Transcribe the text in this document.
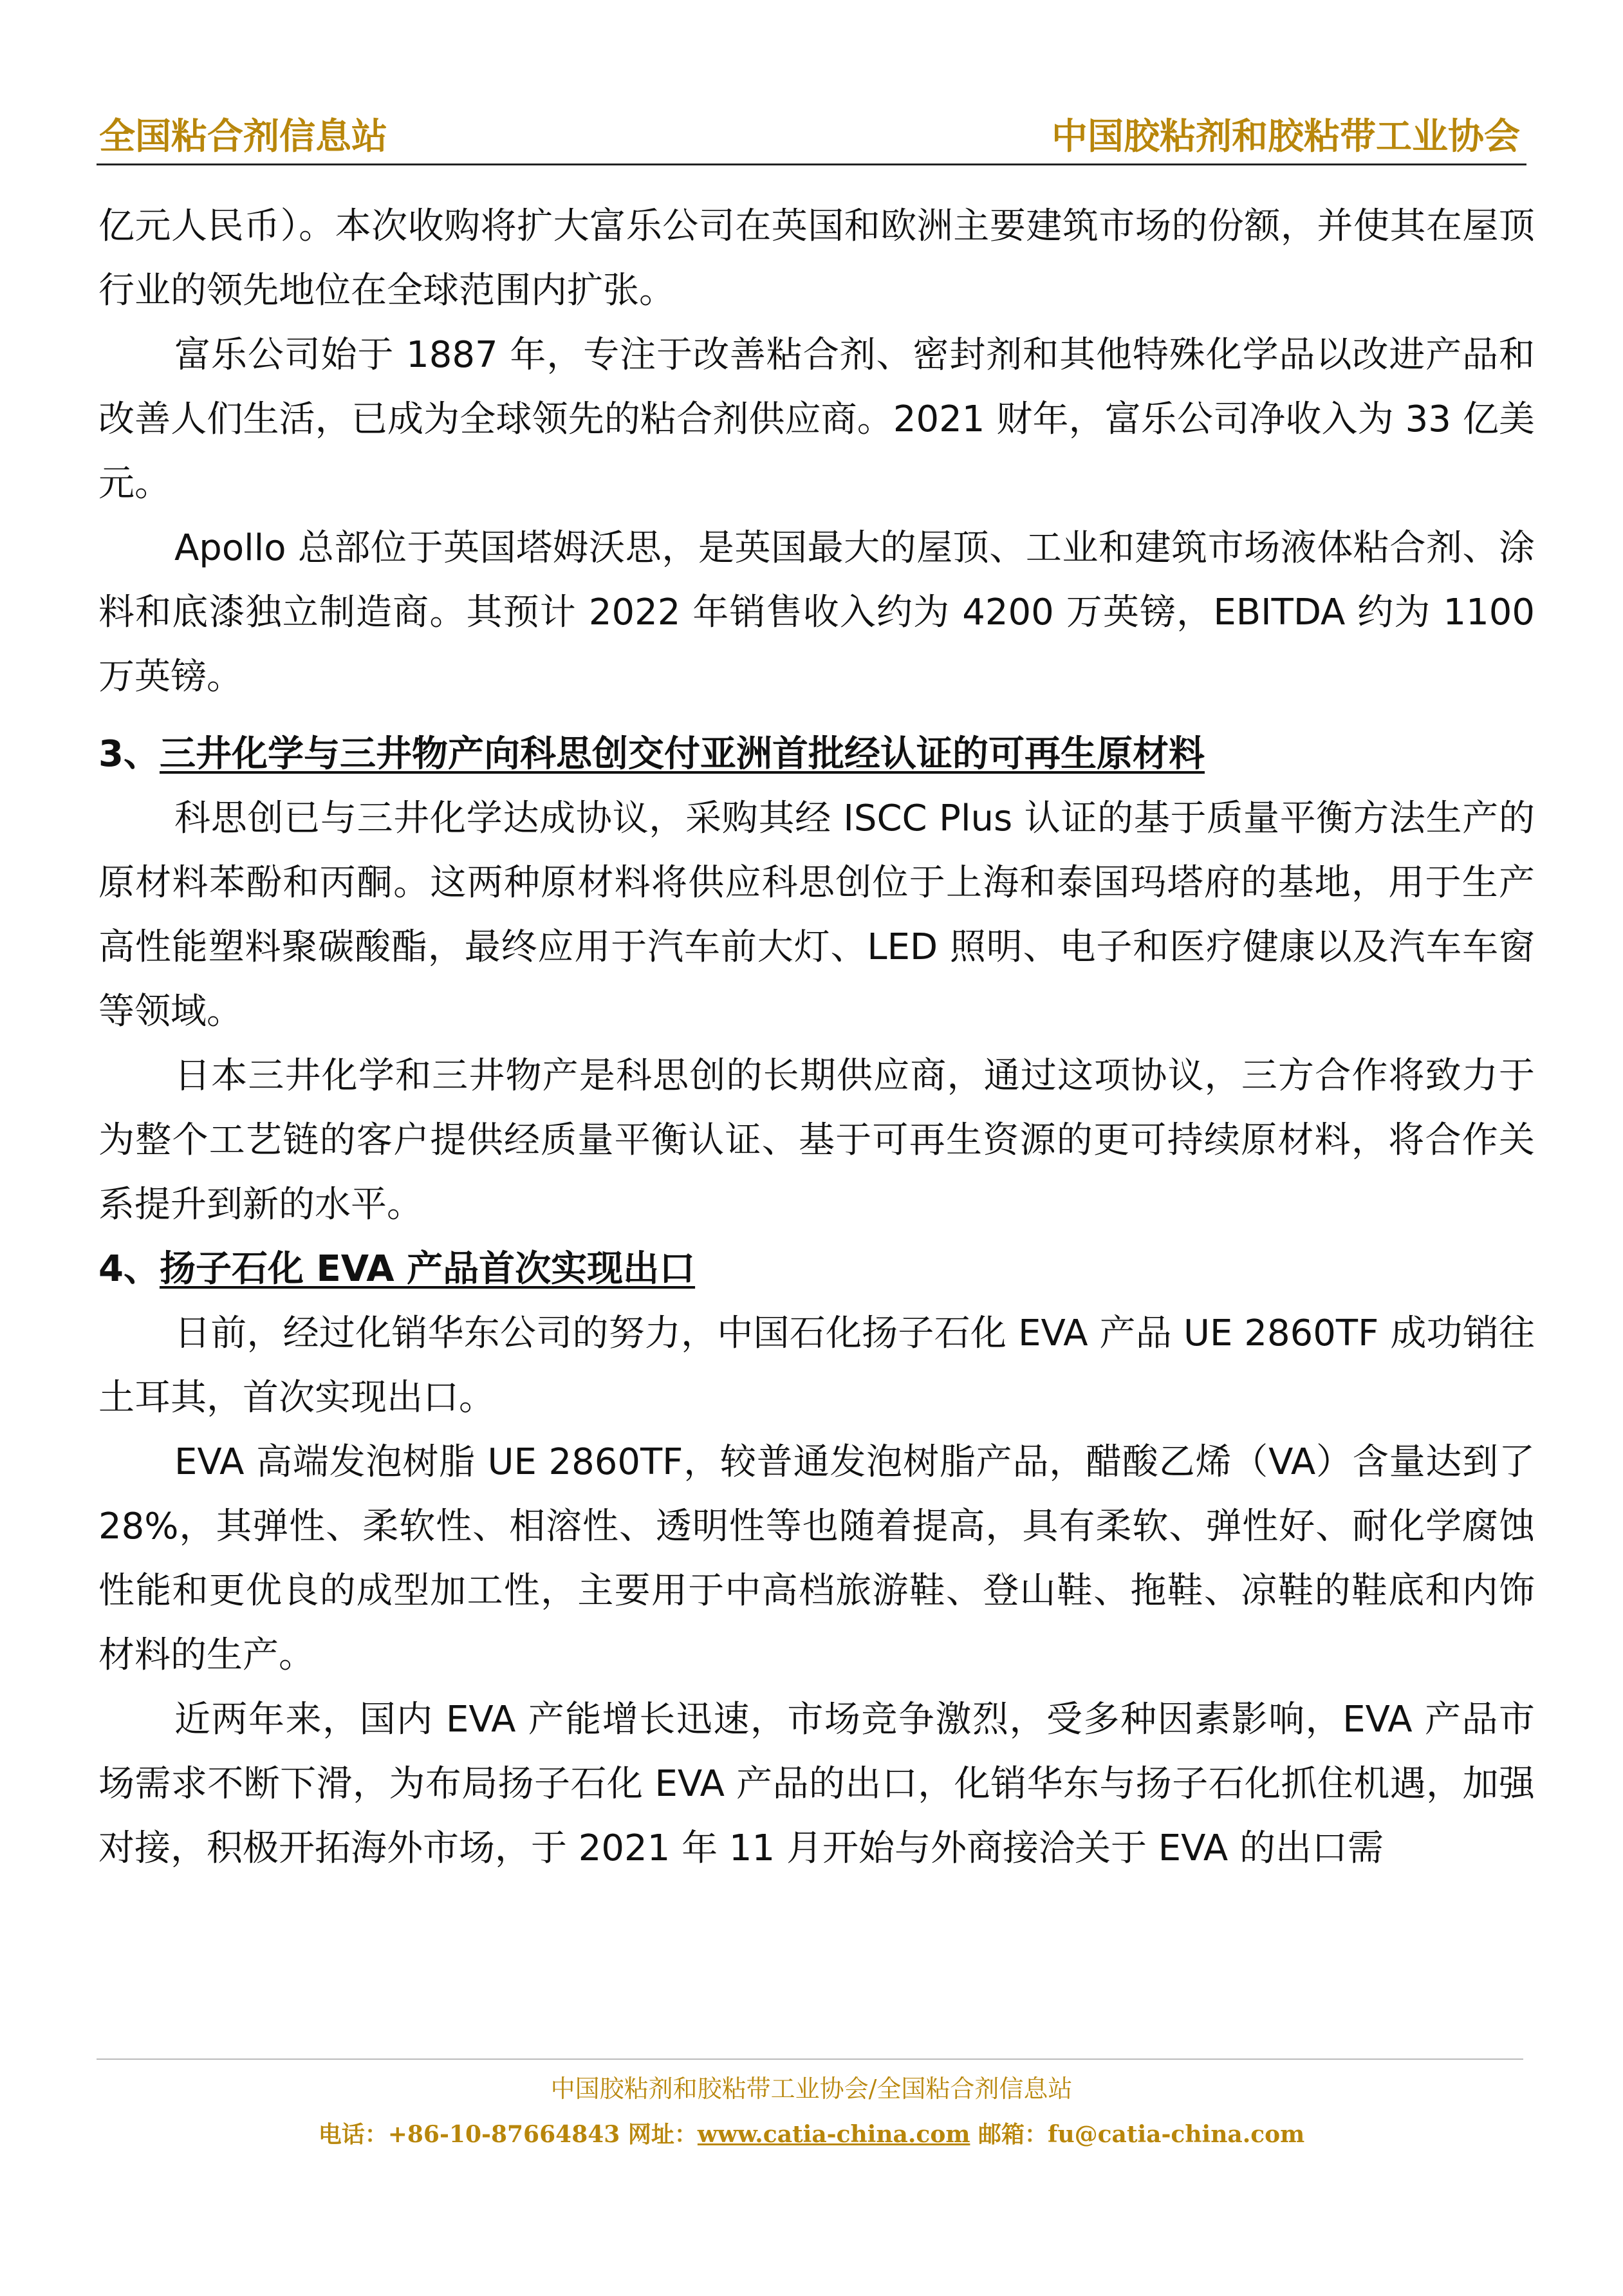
全国粘合剂信息站	中国胶粘剂和胶粘带工业协会

亿元人民币）。本次收购将扩大富乐公司在英国和欧洲主要建筑市场的份额，并使其在屋顶行业的领先地位在全球范围内扩张。

富乐公司始于 1887 年，专注于改善粘合剂、密封剂和其他特殊化学品以改进产品和改善人们生活，已成为全球领先的粘合剂供应商。2021 财年，富乐公司净收入为 33 亿美元。

Apollo 总部位于英国塔姆沃思，是英国最大的屋顶、工业和建筑市场液体粘合剂、涂料和底漆独立制造商。其预计 2022 年销售收入约为 4200 万英镑，EBITDA 约为 1100 万英镑。

3、三井化学与三井物产向科思创交付亚洲首批经认证的可再生原材料

科思创已与三井化学达成协议，采购其经 ISCC Plus 认证的基于质量平衡方法生产的原材料苯酚和丙酮。这两种原材料将供应科思创位于上海和泰国玛塔府的基地，用于生产高性能塑料聚碳酸酯，最终应用于汽车前大灯、LED 照明、电子和医疗健康以及汽车车窗等领域。

日本三井化学和三井物产是科思创的长期供应商，通过这项协议，三方合作将致力于为整个工艺链的客户提供经质量平衡认证、基于可再生资源的更可持续原材料，将合作关系提升到新的水平。

4、扬子石化 EVA 产品首次实现出口

日前，经过化销华东公司的努力，中国石化扬子石化 EVA 产品 UE 2860TF 成功销往土耳其，首次实现出口。

EVA 高端发泡树脂 UE 2860TF，较普通发泡树脂产品，醋酸乙烯（VA）含量达到了 28%，其弹性、柔软性、相溶性、透明性等也随着提高，具有柔软、弹性好、耐化学腐蚀性能和更优良的成型加工性，主要用于中高档旅游鞋、登山鞋、拖鞋、凉鞋的鞋底和内饰材料的生产。

近两年来，国内 EVA 产能增长迅速，市场竞争激烈，受多种因素影响，EVA 产品市场需求不断下滑，为布局扬子石化 EVA 产品的出口，化销华东与扬子石化抓住机遇，加强对接，积极开拓海外市场，于 2021 年 11 月开始与外商接洽关于 EVA 的出口需

中国胶粘剂和胶粘带工业协会/全国粘合剂信息站
电话：+86-10-87664843 网址：www.catia-china.com 邮箱：fu@catia-china.com
